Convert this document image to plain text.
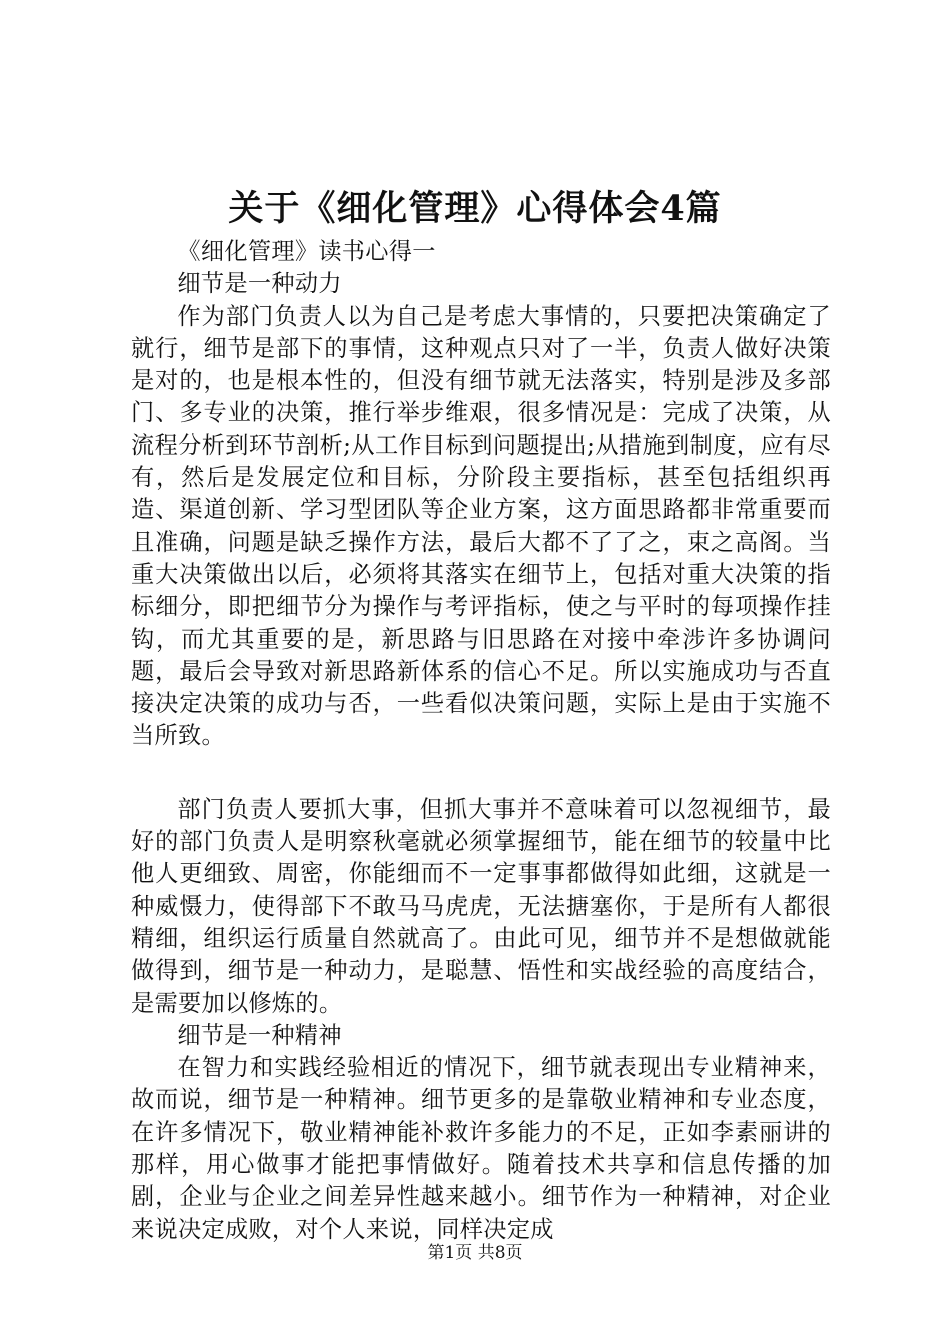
关于《细化管理》心得体会4篇

《细化管理》读书心得一

细节是一种动力

作为部门负责人以为自己是考虑大事情的，只要把决策确定了就行，细节是部下的事情，这种观点只对了一半，负责人做好决策是对的，也是根本性的，但没有细节就无法落实，特别是涉及多部门、多专业的决策，推行举步维艰，很多情况是：完成了决策，从流程分析到环节剖析;从工作目标到问题提出;从措施到制度，应有尽有，然后是发展定位和目标，分阶段主要指标，甚至包括组织再造、渠道创新、学习型团队等企业方案，这方面思路都非常重要而且准确，问题是缺乏操作方法，最后大都不了了之，束之高阁。当重大决策做出以后，必须将其落实在细节上，包括对重大决策的指标细分，即把细节分为操作与考评指标，使之与平时的每项操作挂钩，而尤其重要的是，新思路与旧思路在对接中牵涉许多协调问题，最后会导致对新思路新体系的信心不足。所以实施成功与否直接决定决策的成功与否，一些看似决策问题，实际上是由于实施不当所致。

部门负责人要抓大事，但抓大事并不意味着可以忽视细节，最好的部门负责人是明察秋毫就必须掌握细节，能在细节的较量中比他人更细致、周密，你能细而不一定事事都做得如此细，这就是一种威慑力，使得部下不敢马马虎虎，无法搪塞你，于是所有人都很精细，组织运行质量自然就高了。由此可见，细节并不是想做就能做得到，细节是一种动力，是聪慧、悟性和实战经验的高度结合，是需要加以修炼的。

细节是一种精神

在智力和实践经验相近的情况下，细节就表现出专业精神来，故而说，细节是一种精神。细节更多的是靠敬业精神和专业态度，在许多情况下，敬业精神能补救许多能力的不足，正如李素丽讲的那样，用心做事才能把事情做好。随着技术共享和信息传播的加剧，企业与企业之间差异性越来越小。细节作为一种精神，对企业来说决定成败，对个人来说，同样决定成

第1页 共8页
